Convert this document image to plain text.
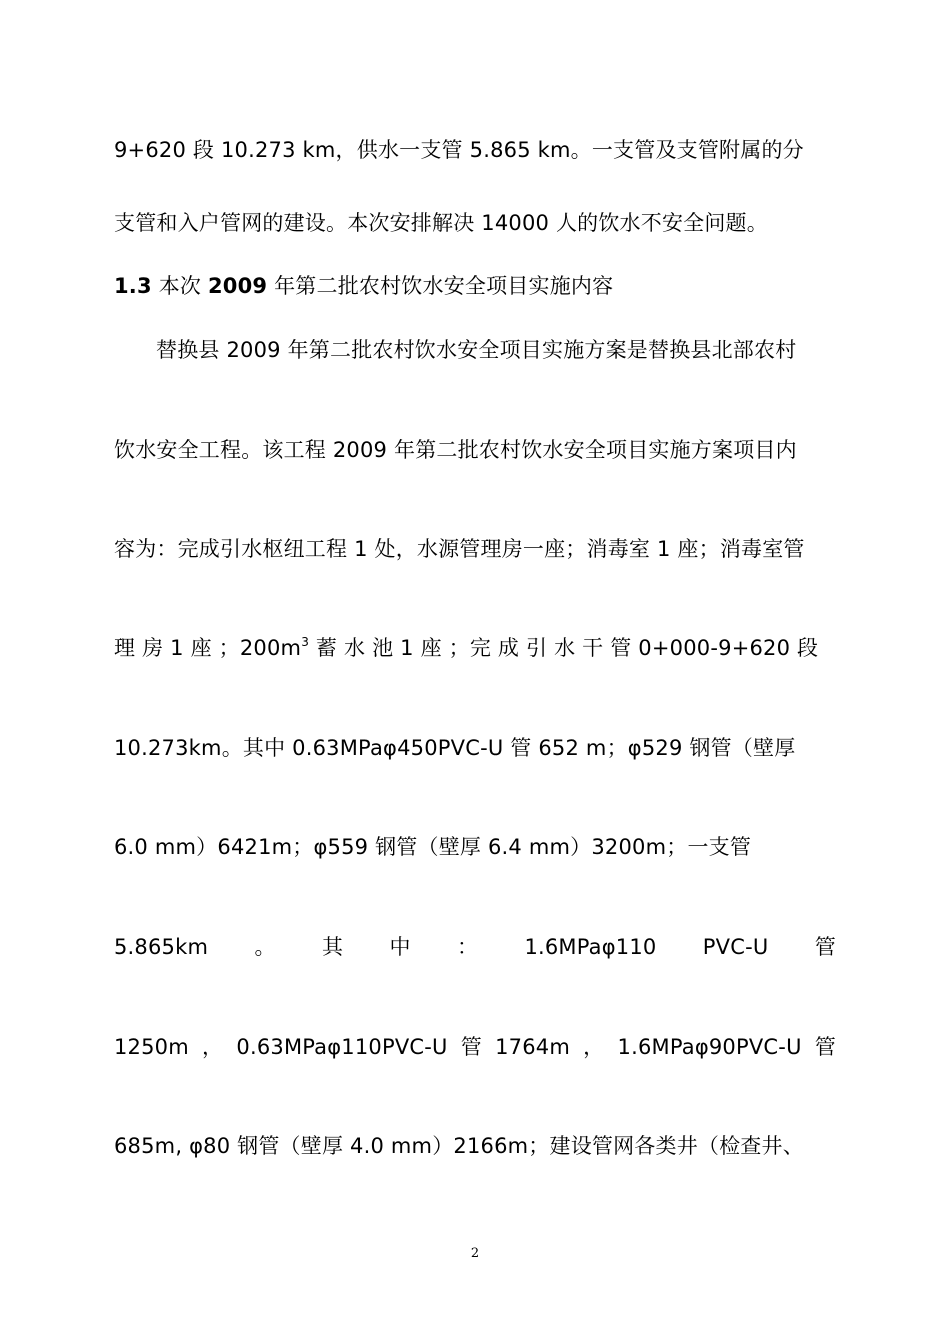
9+620 段 10.273 km，供水一支管 5.865 km。一支管及支管附属的分
支管和入户管网的建设。本次安排解决 14000 人的饮水不安全问题。
1.3 本次 2009 年第二批农村饮水安全项目实施内容
替换县 2009 年第二批农村饮水安全项目实施方案是替换县北部农村
饮水安全工程。该工程 2009 年第二批农村饮水安全项目实施方案项目内
容为：完成引水枢纽工程 1 处，水源管理房一座；消毒室 1 座；消毒室管
理 房 1 座 ；$200m^3$ 蓄 水 池 1 座 ；完 成 引 水 干 管 0+000-9+620 段
10.273km。其中 0.63MPaφ450PVC-U 管 652 m；φ529 钢管（壁厚
6.0 mm）6421m；φ559 钢管（壁厚 6.4 mm）3200m；一支管
5.865km 。 其 中 ： 1.6MPaφ110 PVC-U 管
1250m ， 0.63MPaφ110PVC-U 管 1764m ， 1.6MPaφ90PVC-U 管
685m, φ80 钢管（壁厚 4.0 mm）2166m；建设管网各类井（检查井、
2
